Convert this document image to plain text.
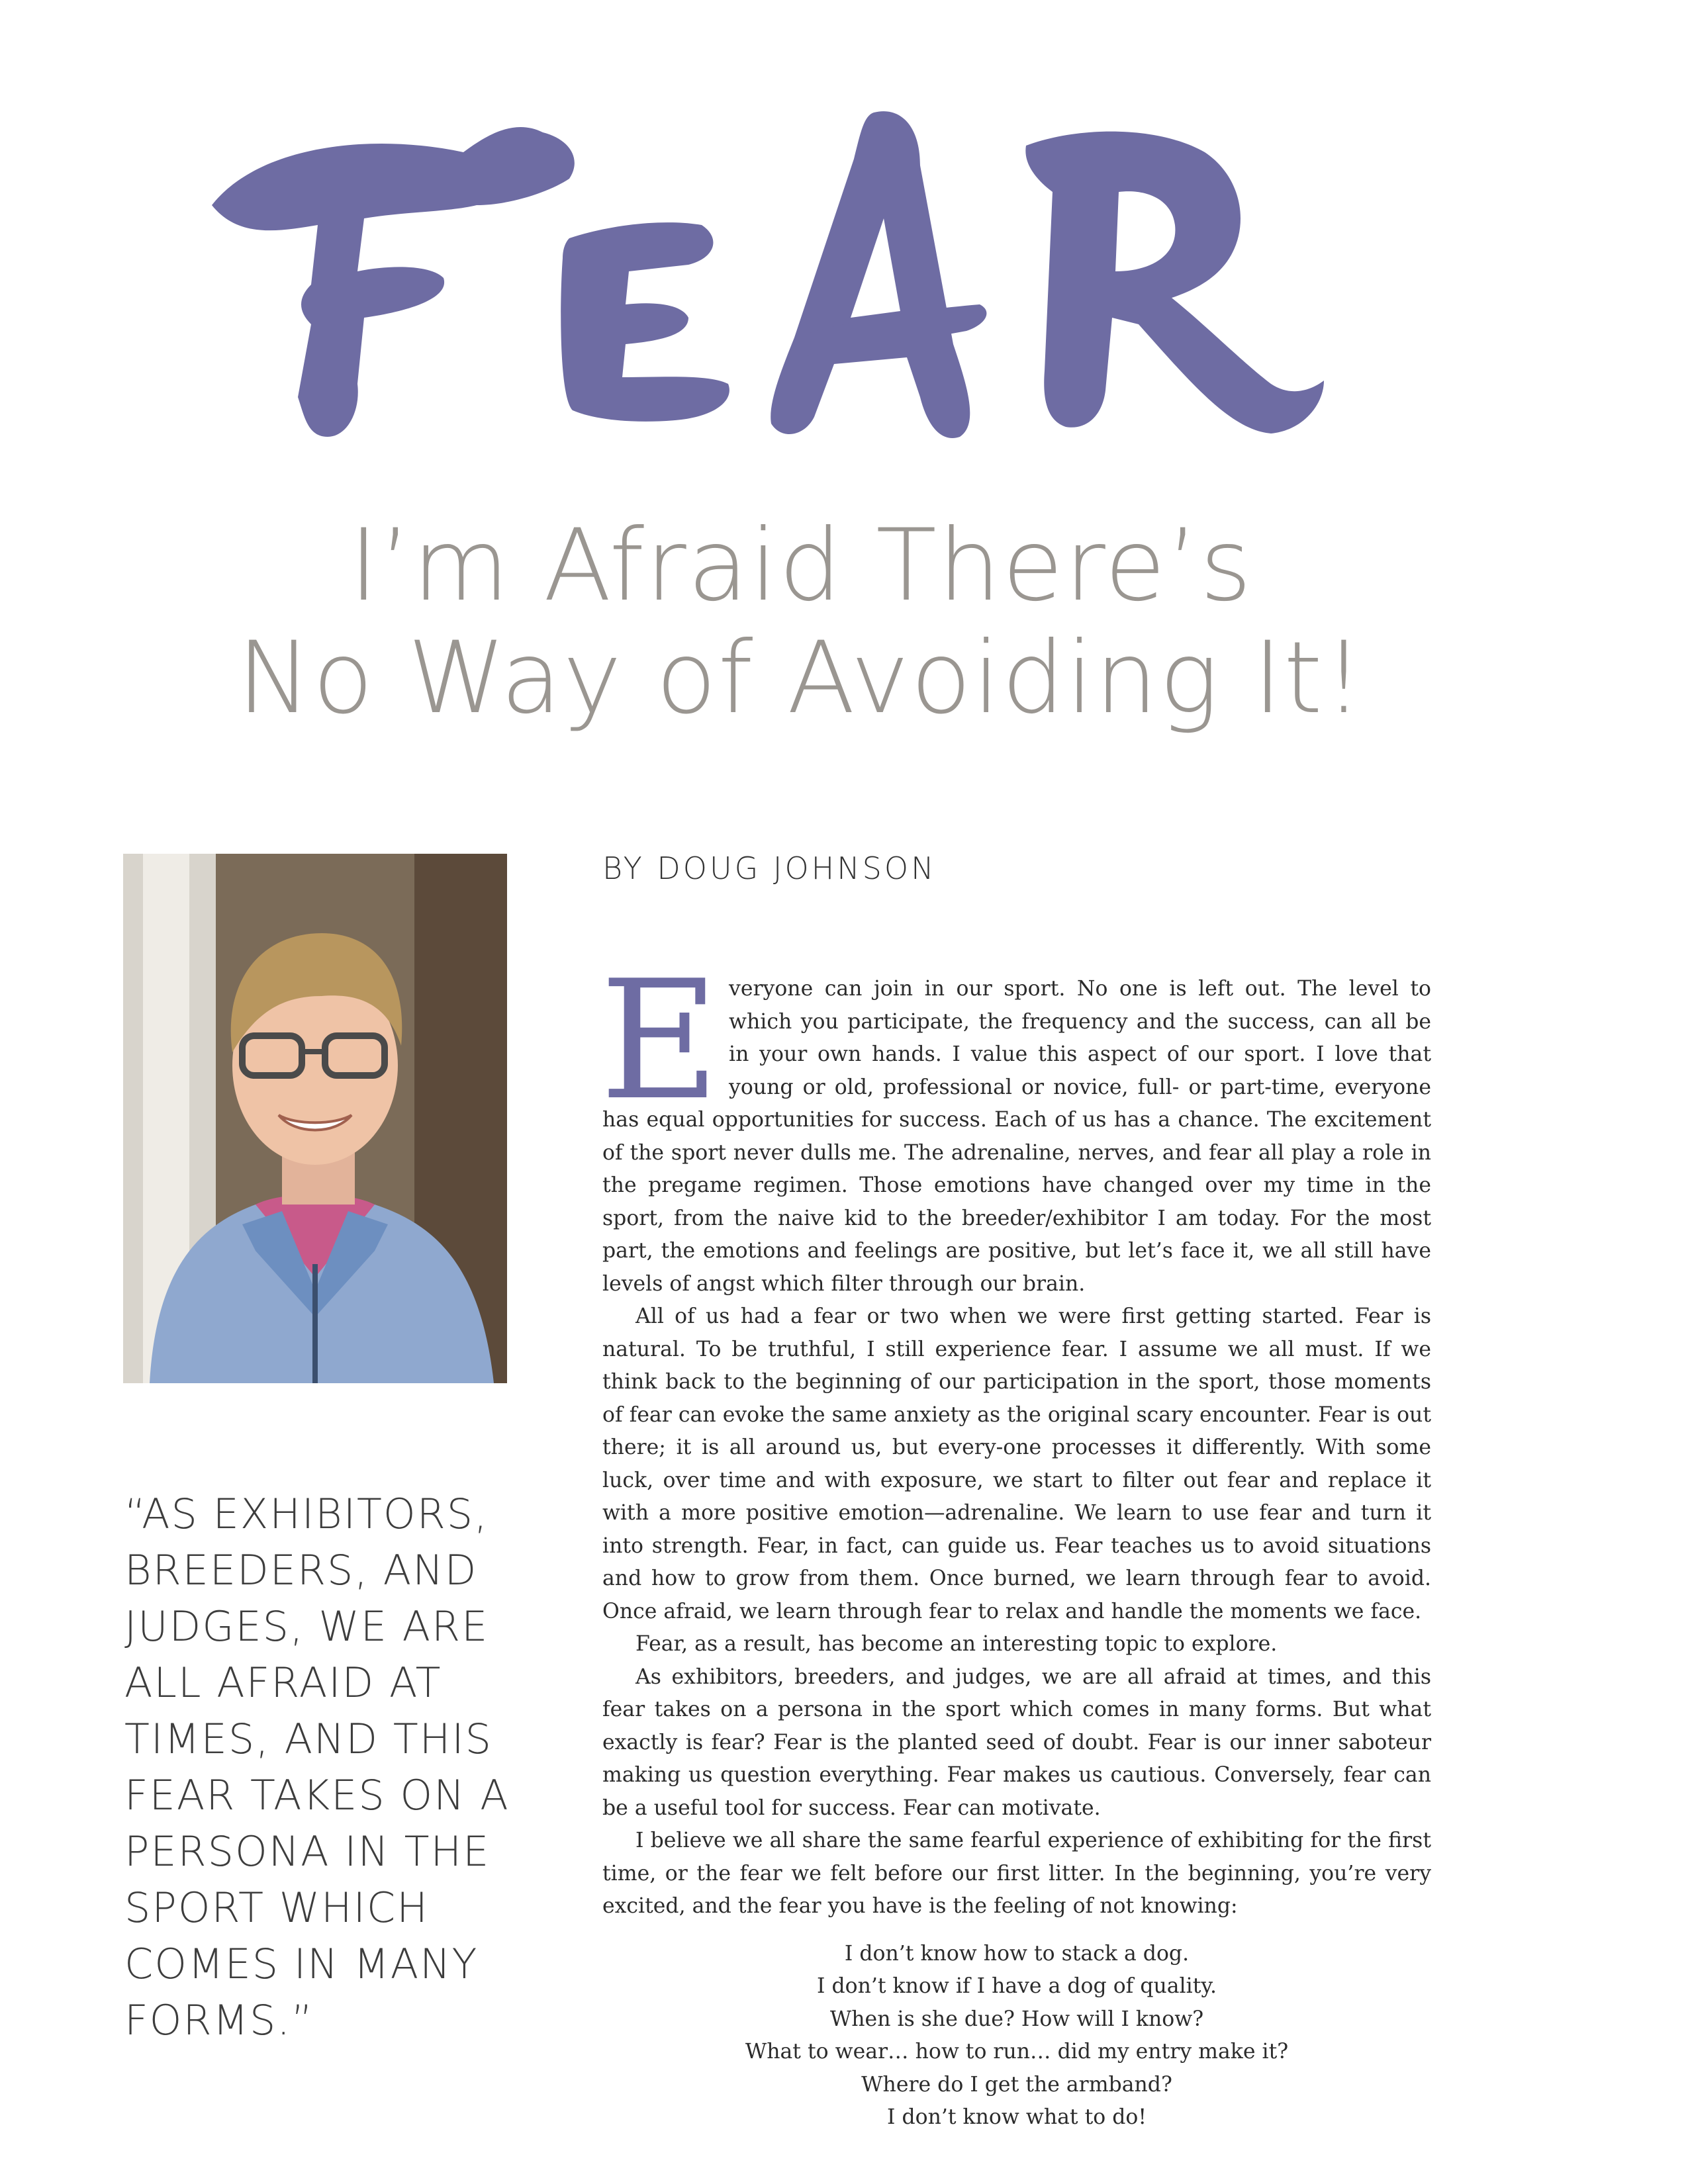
I’m Afraid There’s
No Way of Avoiding It!
BY DOUG JOHNSON

Everyone can join in our sport. No one is left out. The level to which you participate, the frequency and the success, can all be in your own hands. I value this aspect of our sport. I love that young or old, professional or novice, full- or part-time, everyone has equal opportunities for success. Each of us has a chance. The excitement of the sport never dulls me. The adrenaline, nerves, and fear all play a role in the pregame regimen. Those emotions have changed over my time in the sport, from the naive kid to the breeder/exhibitor I am today. For the most part, the emotions and feelings are positive, but let’s face it, we all still have levels of angst which filter through our brain.

All of us had a fear or two when we were first getting started. Fear is natural. To be truthful, I still experience fear. I assume we all must. If we think back to the beginning of our participation in the sport, those moments of fear can evoke the same anxiety as the original scary encounter. Fear is out there; it is all around us, but every-one processes it differently. With some luck, over time and with exposure, we start to filter out fear and replace it with a more positive emotion—adrenaline. We learn to use fear and turn it into strength. Fear, in fact, can guide us. Fear teaches us to avoid situations and how to grow from them. Once burned, we learn through fear to avoid. Once afraid, we learn through fear to relax and handle the moments we face.

Fear, as a result, has become an interesting topic to explore.

As exhibitors, breeders, and judges, we are all afraid at times, and this fear takes on a persona in the sport which comes in many forms. But what exactly is fear? Fear is the planted seed of doubt. Fear is our inner saboteur making us question everything. Fear makes us cautious. Conversely, fear can be a useful tool for success. Fear can motivate.

I believe we all share the same fearful experience of exhibiting for the first time, or the fear we felt before our first litter. In the beginning, you’re very excited, and the fear you have is the feeling of not knowing:

I don’t know how to stack a dog.
I don’t know if I have a dog of quality.
When is she due? How will I know?
What to wear… how to run… did my entry make it?
Where do I get the armband?
I don’t know what to do!
“AS EXHIBITORS, BREEDERS, AND JUDGES, WE ARE ALL AFRAID AT TIMES, AND THIS FEAR TAKES ON A PERSONA IN THE SPORT WHICH COMES IN MANY FORMS.”
